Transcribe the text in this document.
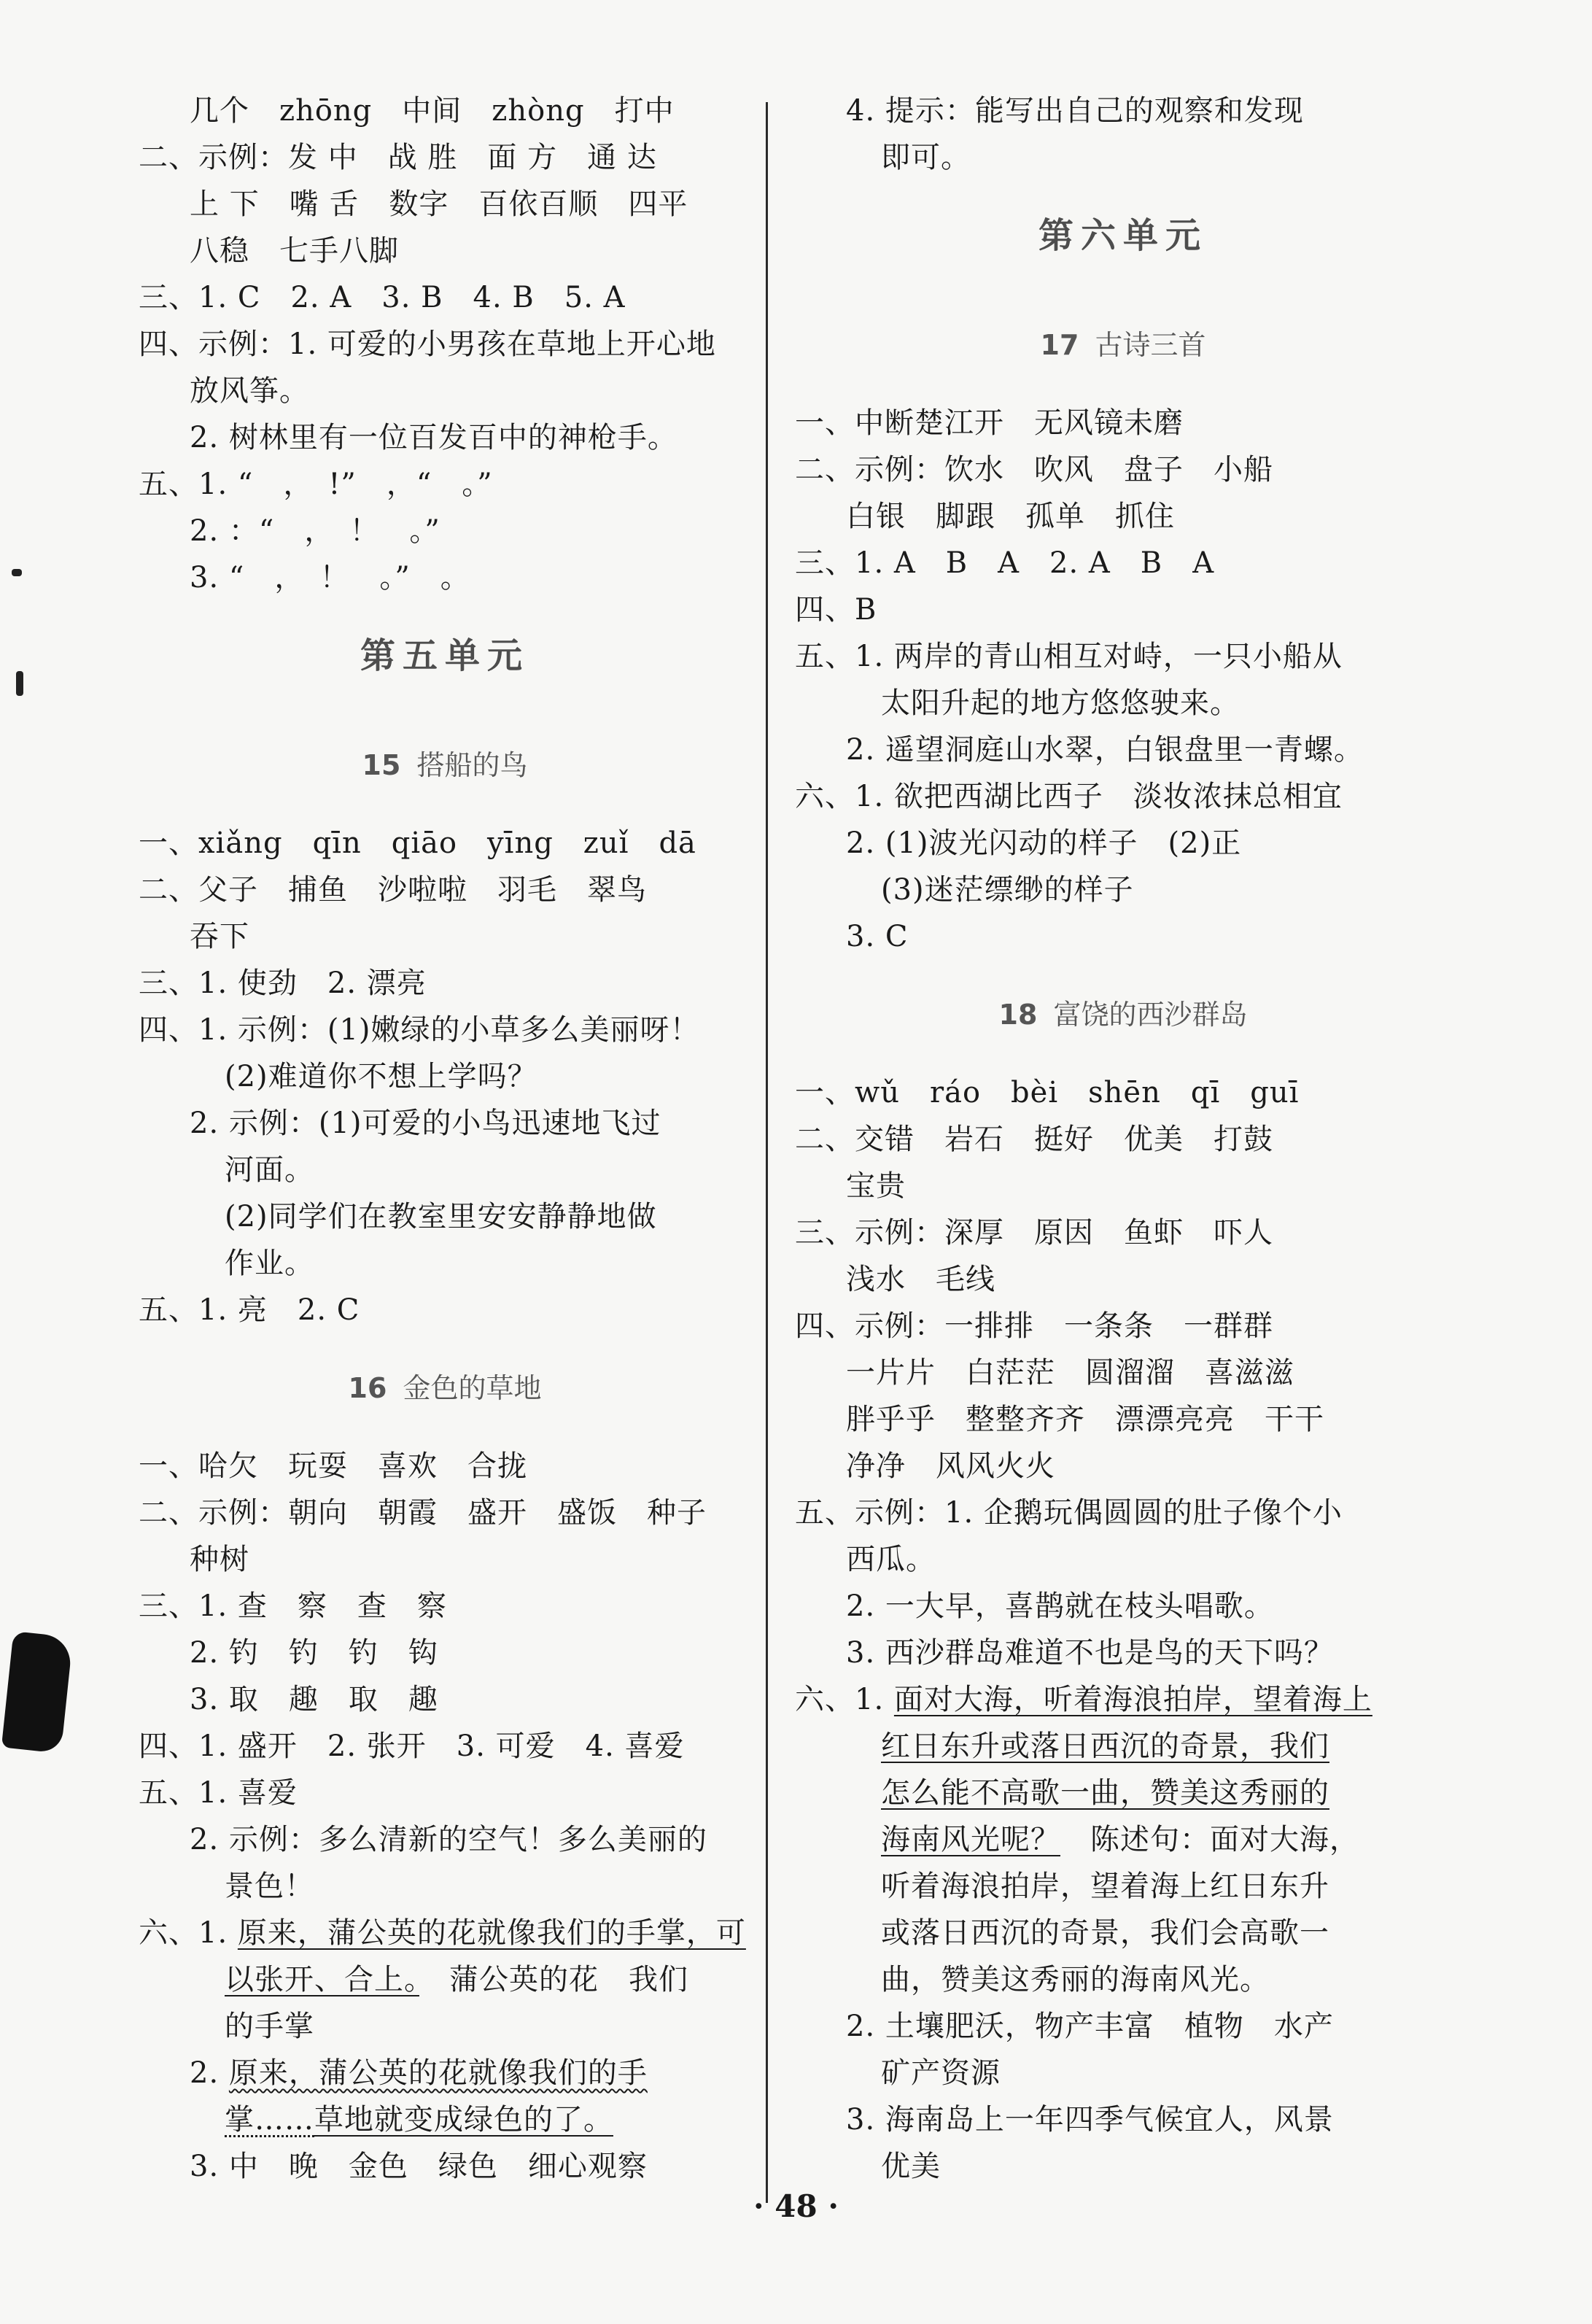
几个　zhōng　中间　zhòng　打中
二、示例：发 中　战 胜　面 方　通 达
上 下　嘴 舌　数字　百依百顺　四平
八稳　七手八脚
三、1. C　2. A　3. B　4. B　5. A
四、示例：1. 可爱的小男孩在草地上开心地
放风筝。
2. 树林里有一位百发百中的神枪手。
五、1. “　，　!”　，“　。”
2. ：“　，　！　。”
3. “　，　！　。”　。
第五单元
15 搭船的鸟
一、xiǎng　qīn　qiāo　yīng　zuǐ　dā
二、父子　捕鱼　沙啦啦　羽毛　翠鸟
吞下
三、1. 使劲　2. 漂亮
四、1. 示例：(1)嫩绿的小草多么美丽呀！
(2)难道你不想上学吗？
2. 示例：(1)可爱的小鸟迅速地飞过
河面。
(2)同学们在教室里安安静静地做
作业。
五、1. 亮　2. C
16 金色的草地
一、哈欠　玩耍　喜欢　合拢
二、示例：朝向　朝霞　盛开　盛饭　种子
种树
三、1. 查　察　查　察
2. 钓　钓　钓　钩
3. 取　趣　取　趣
四、1. 盛开　2. 张开　3. 可爱　4. 喜爱
五、1. 喜爱
2. 示例：多么清新的空气！多么美丽的
景色！
六、1. 原来，蒲公英的花就像我们的手掌，可
以张开、合上。　蒲公英的花　我们
的手掌
2. 原来，蒲公英的花就像我们的手
掌……草地就变成绿色的了。
3. 中　晚　金色　绿色　细心观察
4. 提示：能写出自己的观察和发现
即可。
第六单元
17 古诗三首
一、中断楚江开　无风镜未磨
二、示例：饮水　吹风　盘子　小船
白银　脚跟　孤单　抓住
三、1. A　B　A　2. A　B　A
四、B
五、1. 两岸的青山相互对峙，一只小船从
太阳升起的地方悠悠驶来。
2. 遥望洞庭山水翠，白银盘里一青螺。
六、1. 欲把西湖比西子　淡妆浓抹总相宜
2. (1)波光闪动的样子　(2)正
(3)迷茫缥缈的样子
3. C
18 富饶的西沙群岛
一、wǔ　ráo　bèi　shēn　qī　guī
二、交错　岩石　挺好　优美　打鼓
宝贵
三、示例：深厚　原因　鱼虾　吓人
浅水　毛线
四、示例：一排排　一条条　一群群
一片片　白茫茫　圆溜溜　喜滋滋
胖乎乎　整整齐齐　漂漂亮亮　干干
净净　风风火火
五、示例：1. 企鹅玩偶圆圆的肚子像个小
西瓜。
2. 一大早，喜鹊就在枝头唱歌。
3. 西沙群岛难道不也是鸟的天下吗？
六、1. 面对大海，听着海浪拍岸，望着海上
红日东升或落日西沉的奇景，我们
怎么能不高歌一曲，赞美这秀丽的
海南风光呢？　陈述句：面对大海，
听着海浪拍岸，望着海上红日东升
或落日西沉的奇景，我们会高歌一
曲，赞美这秀丽的海南风光。
2. 土壤肥沃，物产丰富　植物　水产
矿产资源
3. 海南岛上一年四季气候宜人，风景
优美
· 48 ·
